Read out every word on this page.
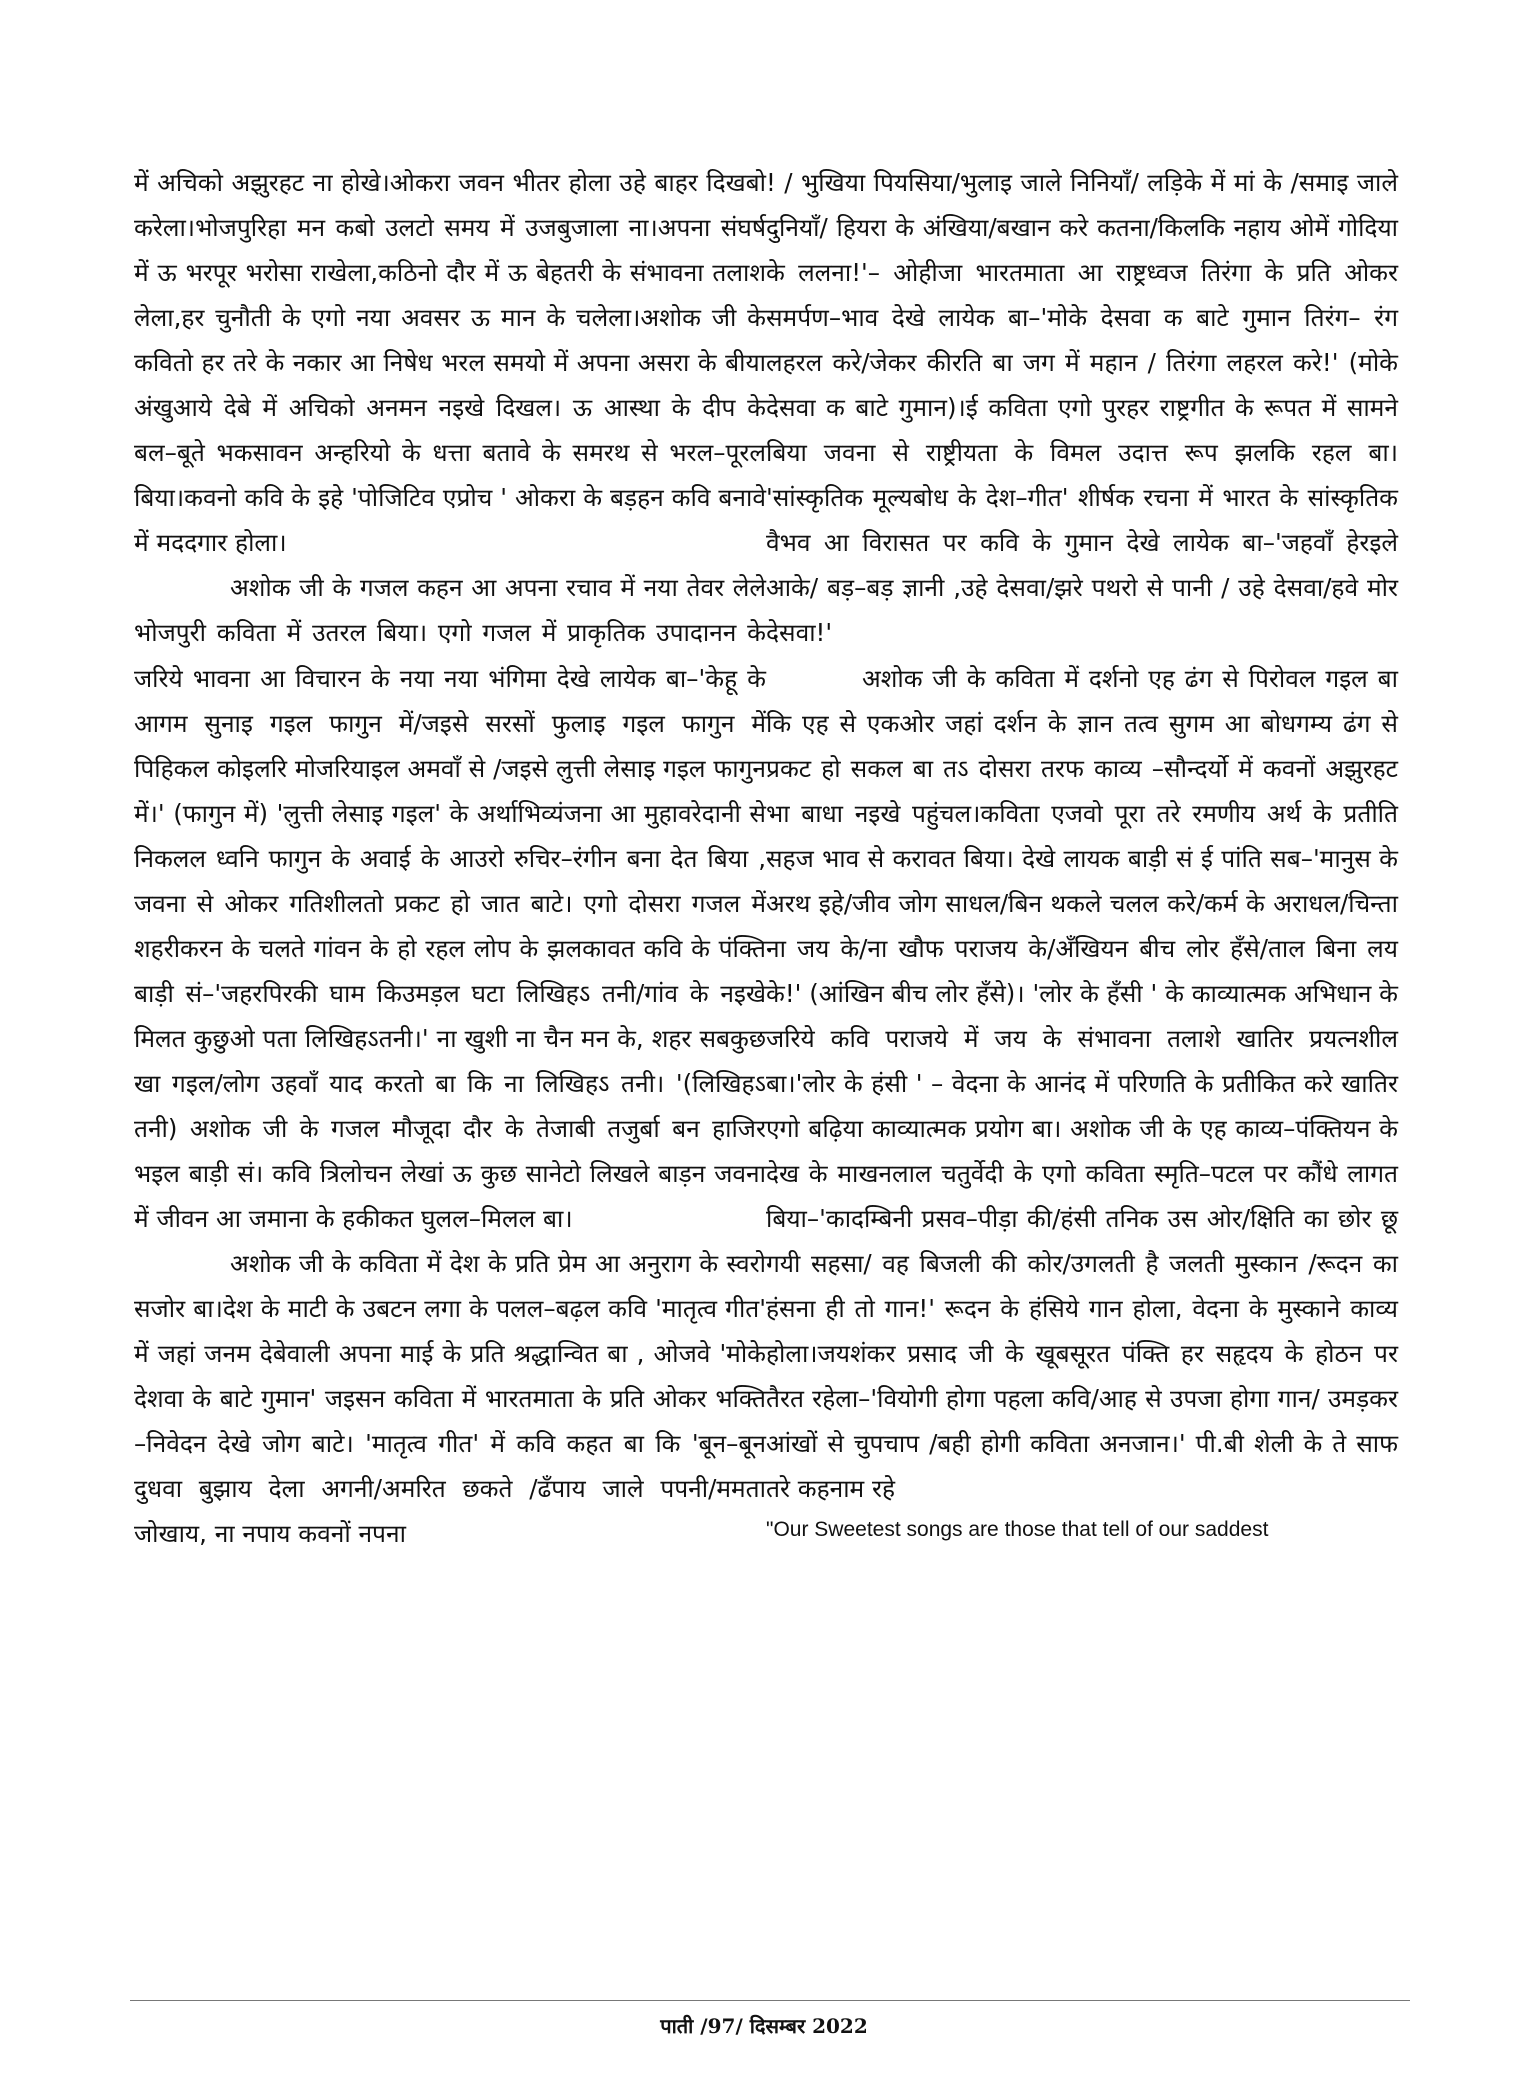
में अचिको अझुरहट ना होखे।ओकरा जवन भीतर होला उहे बाहर दिखबो करेला।भोजपुरिहा मन कबो उलटो समय में उजबुजाला ना।अपना संघर्ष में ऊ भरपूर भरोसा राखेला,कठिनो दौर में ऊ बेहतरी के संभावना तलाश लेला,हर चुनौती के एगो नया अवसर ऊ मान के चलेला।अशोक जी के कवितो हर तरे के नकार आ निषेध भरल समयो में अपना असरा के बीया अंखुआये देबे में अचिको अनमन नइखे दिखल। ऊ आस्था के दीप के बल–बूते भकसावन अन्हरियो के धत्ता बतावे के समरथ से भरल–पूरल बिया।कवनो कवि के इहे 'पोजिटिव एप्रोच ' ओकरा के बड़हन कवि बनावे में मददगार होला।

अशोक जी के गजल कहन आ अपना रचाव में नया तेवर लेले भोजपुरी कविता में उतरल बिया। एगो गजल में प्राकृतिक उपादानन के जरिये भावना आ विचारन के नया नया भंगिमा देखे लायेक बा–'केहू के आगम सुनाइ गइल फागुन में/जइसे सरसों फुलाइ गइल फागुन में पिहिकल कोइलरि मोजरियाइल अमवाँ से /जइसे लुत्ती लेसाइ गइल फागुन में।' (फागुन में) 'लुत्ती लेसाइ गइल' के अर्थाभिव्यंजना आ मुहावरेदानी से निकलल ध्वनि फागुन के अवाई के आउरो रुचिर–रंगीन बना देत बिया , जवना से ओकर गतिशीलतो प्रकट हो जात बाटे। एगो दोसरा गजल में शहरीकरन के चलते गांवन के हो रहल लोप के झलकावत कवि के पंक्ति बाड़ी सं–'जहरपिरकी घाम किउमड़ल घटा लिखिहऽ तनी/गांव के नइखे मिलत कुछुओ पता लिखिहऽतनी।' ना खुशी ना चैन मन के, शहर सबकुछ खा गइल/लोग उहवाँ याद करतो बा कि ना लिखिहऽ तनी। '(लिखिहऽ तनी) अशोक जी के गजल मौजूदा दौर के तेजाबी तजुर्बा बन हाजिर भइल बाड़ी सं। कवि त्रिलोचन लेखां ऊ कुछ सानेटो लिखले बाड़न जवना में जीवन आ जमाना के हकीकत घुलल–मिलल बा।

अशोक जी के कविता में देश के प्रति प्रेम आ अनुराग के स्वरो सजोर बा।देश के माटी के उबटन लगा के पलल–बढ़ल कवि 'मातृत्व गीत' में जहां जनम देबेवाली अपना माई के प्रति श्रद्धान्वित बा , ओजवे 'मोके देशवा के बाटे गुमान' जइसन कविता में भारतमाता के प्रति ओकर भक्ति –निवेदन देखे जोग बाटे। 'मातृत्व गीत' में कवि कहत बा कि 'बून–बून दुधवा बुझाय देला अगनी/अमरित छकते /ढँपाय जाले पपनी/ममता जोखाय, ना नपाय कवनों नपना

! / भुखिया पियसिया/भुलाइ जाले निनियाँ/ लड़िके में मां के /समाइ जाले दुनियाँ/ हियरा के अंखिया/बखान करे कतना/किलकि नहाय ओमें गोदिया के ललना!'– ओहीजा भारतमाता आ राष्ट्रध्वज तिरंगा के प्रति ओकर समर्पण–भाव देखे लायेक बा–'मोके देसवा क बाटे गुमान तिरंग– रंग लहरल करे/जेकर कीरति बा जग में महान / तिरंगा लहरल करे!' (मोके देसवा क बाटे गुमान)।ई कविता एगो पुरहर राष्ट्रगीत के रूपत में सामने बिया जवना से राष्ट्रीयता के विमल उदात्त रूप झलकि रहल बा। 'सांस्कृतिक मूल्यबोध के देश–गीत' शीर्षक रचना में भारत के सांस्कृतिक वैभव आ विरासत पर कवि के गुमान देखे लायेक बा–'जहवाँ हेरइले आके/ बड़–बड़ ज्ञानी ,उहे देसवा/झरे पथरो से पानी / उहे देसवा/हवे मोर देसवा!'

अशोक जी के कविता में दर्शनो एह ढंग से पिरोवल गइल बा कि एह से एकओर जहां दर्शन के ज्ञान तत्व सुगम आ बोधगम्य ढंग से प्रकट हो सकल बा तऽ दोसरा तरफ काव्य –सौन्दर्यो में कवनों अझुरहट भा बाधा नइखे पहुंचल।कविता एजवो पूरा तरे रमणीय अर्थ के प्रतीति सहज भाव से करावत बिया। देखे लायक बाड़ी सं ई पांति सब–'मानुस के अरथ इहे/जीव जोग साधल/बिन थकले चलल करे/कर्म के अराधल/चिन्ता ना जय के/ना खौफ पराजय के/अँखियन बीच लोर हँसे/ताल बिना लय के!' (आंखिन बीच लोर हँसे)। 'लोर के हँसी ' के काव्यात्मक अभिधान के जरिये कवि पराजये में जय के संभावना तलाशे खातिर प्रयत्नशील बा।'लोर के हंसी ' – वेदना के आनंद में परिणति के प्रतीकित करे खातिर एगो बढ़िया काव्यात्मक प्रयोग बा। अशोक जी के एह काव्य–पंक्तियन के देख के माखनलाल चतुर्वेदी के एगो कविता स्मृति–पटल पर कौंधे लागत बिया–'कादम्बिनी प्रसव–पीड़ा की/हंसी तनिक उस ओर/क्षिति का छोर छू गयी सहसा/ वह बिजली की कोर/उगलती है जलती मुस्कान /रूदन का हंसना ही तो गान!' रूदन के हंसिये गान होला, वेदना के मुस्काने काव्य होला।जयशंकर प्रसाद जी के खूबसूरत पंक्ति हर सहृदय के होठन पर तैरत रहेला–'वियोगी होगा पहला कवि/आह से उपजा होगा गान/ उमड़कर आंखों से चुपचाप /बही होगी कविता अनजान।' पी.बी शेली के ते साफ तरे कहनाम रहे

"Our Sweetest songs are those that tell of our saddest

पाती /97/ दिसम्बर 2022
